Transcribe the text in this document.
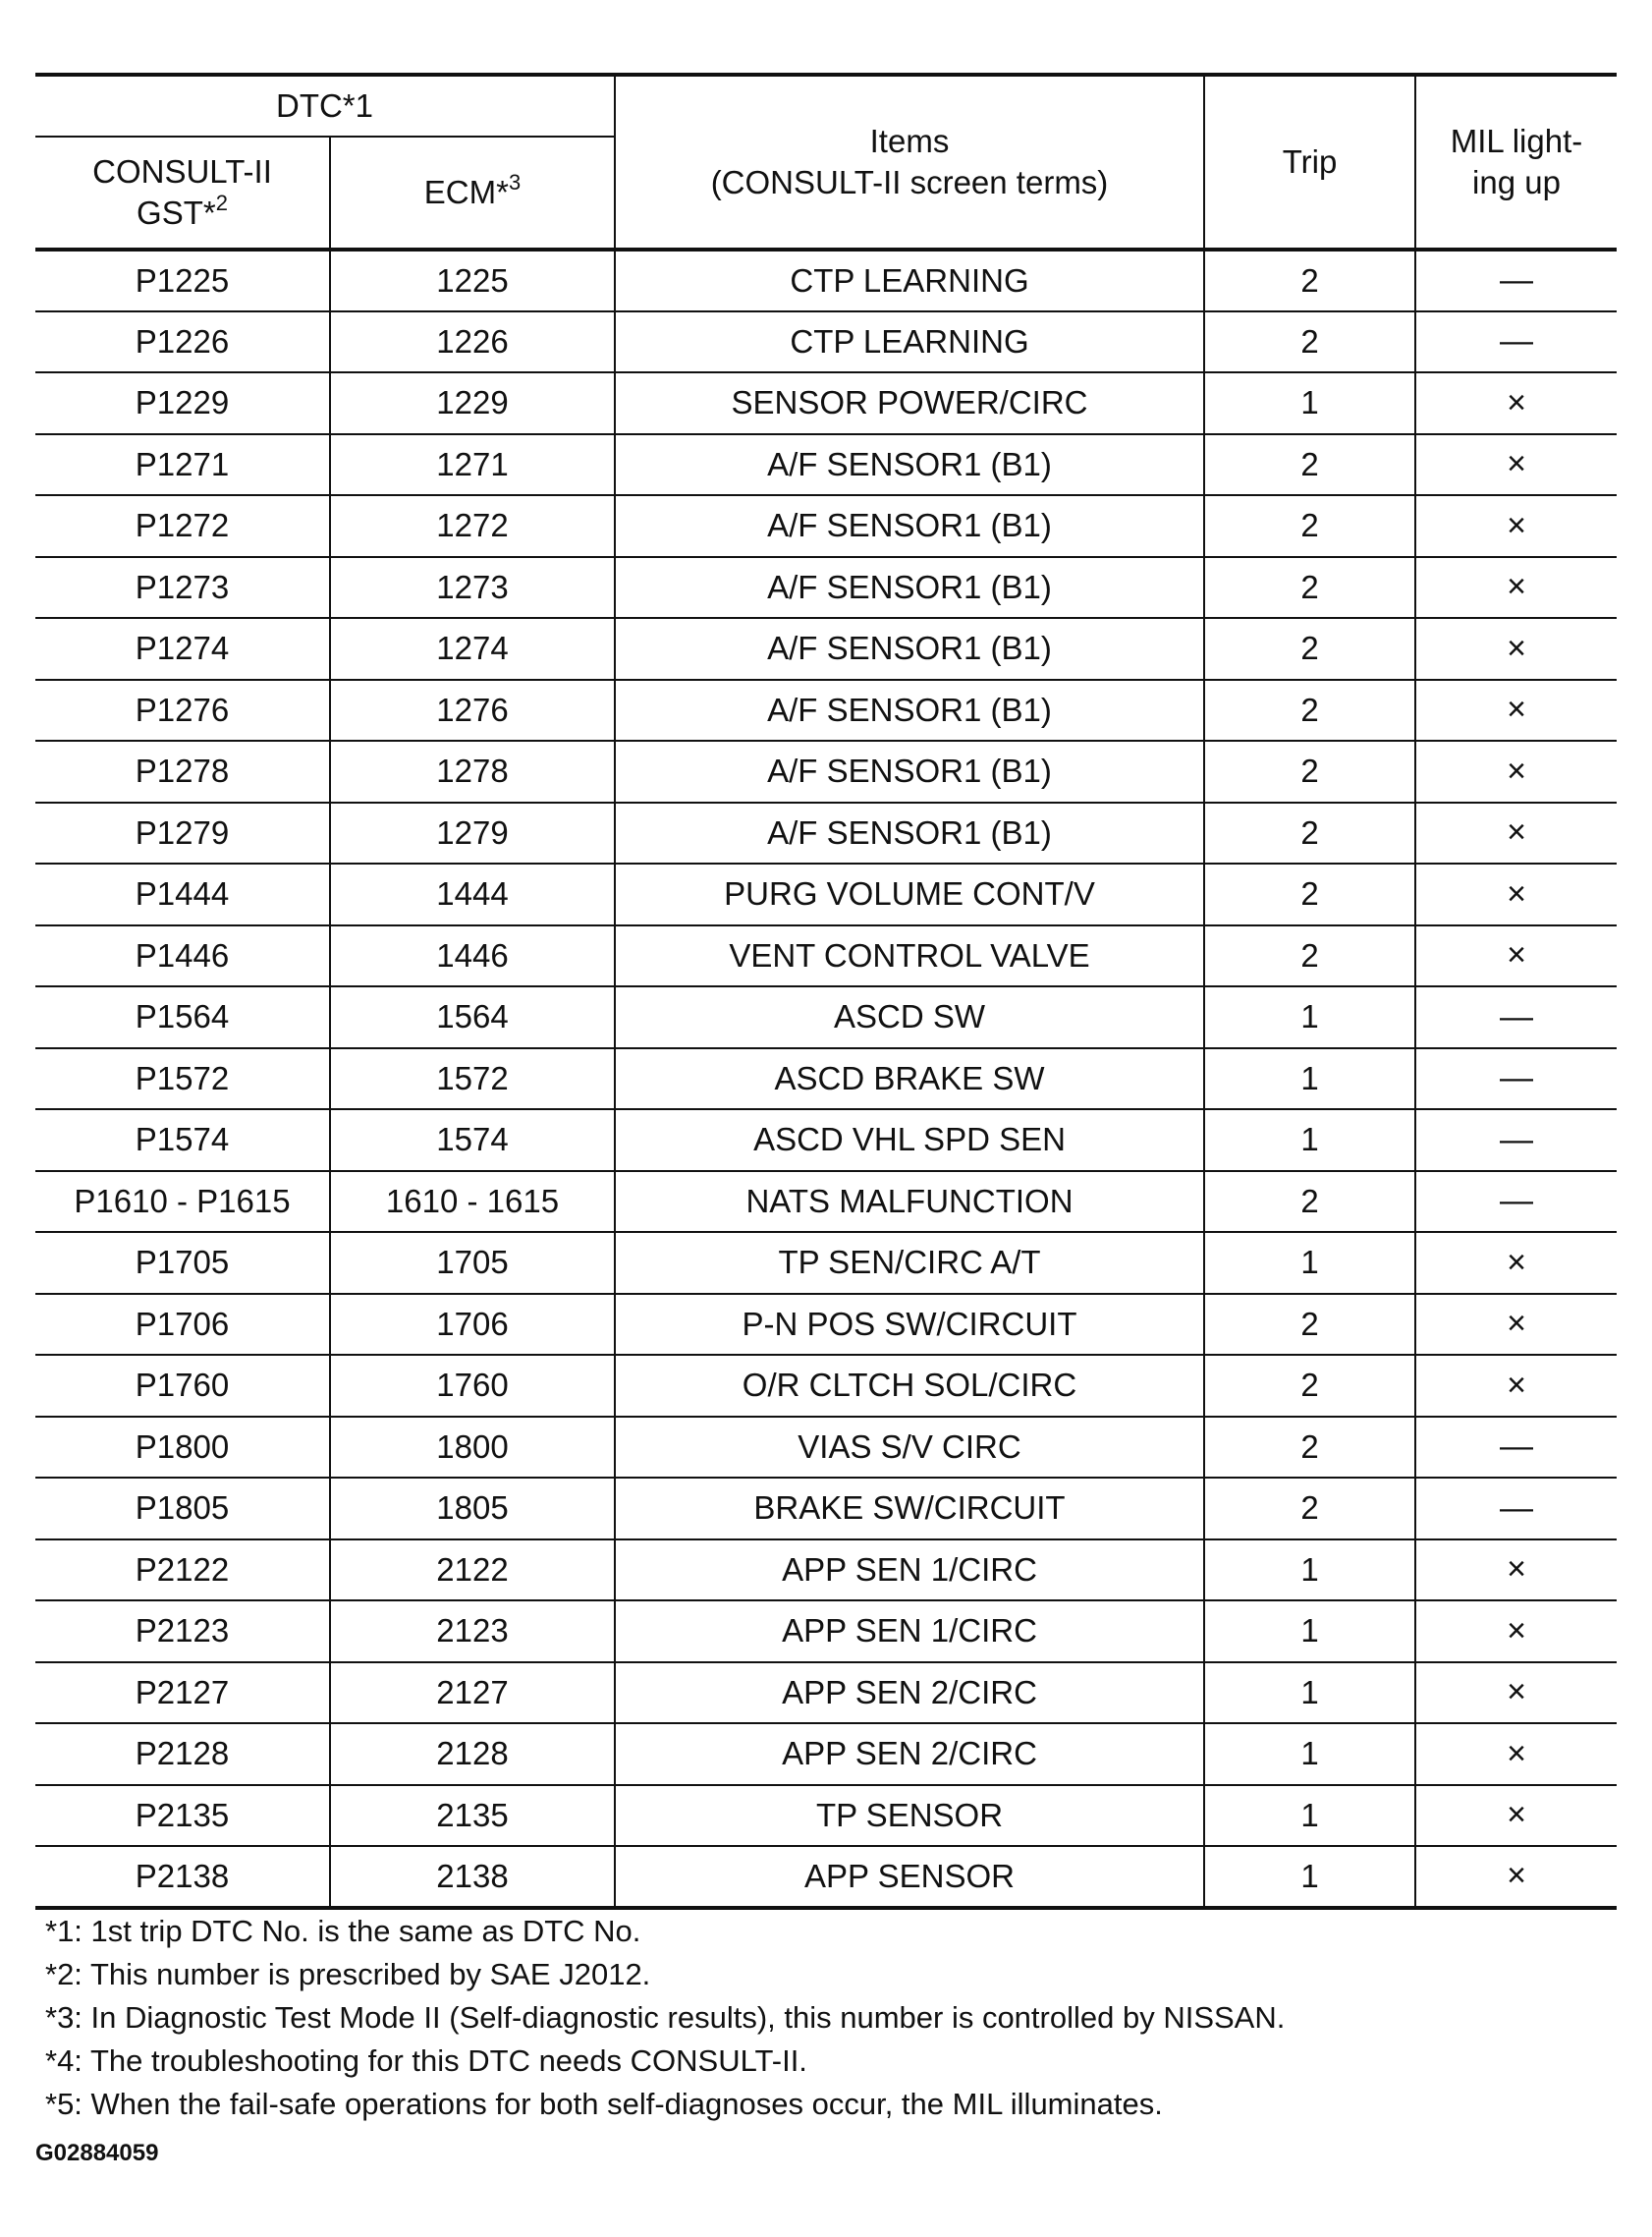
DTC*1		Items
(CONSULT-II screen terms)	Trip	MIL light-
ing up
CONSULT-II
GST*$^2$	ECM*$^3$
P1225	1225	CTP LEARNING	2	—
P1226	1226	CTP LEARNING	2	—
P1229	1229	SENSOR POWER/CIRC	1	×
P1271	1271	A/F SENSOR1 (B1)	2	×
P1272	1272	A/F SENSOR1 (B1)	2	×
P1273	1273	A/F SENSOR1 (B1)	2	×
P1274	1274	A/F SENSOR1 (B1)	2	×
P1276	1276	A/F SENSOR1 (B1)	2	×
P1278	1278	A/F SENSOR1 (B1)	2	×
P1279	1279	A/F SENSOR1 (B1)	2	×
P1444	1444	PURG VOLUME CONT/V	2	×
P1446	1446	VENT CONTROL VALVE	2	×
P1564	1564	ASCD SW	1	—
P1572	1572	ASCD BRAKE SW	1	—
P1574	1574	ASCD VHL SPD SEN	1	—
P1610 - P1615	1610 - 1615	NATS MALFUNCTION	2	—
P1705	1705	TP SEN/CIRC A/T	1	×
P1706	1706	P-N POS SW/CIRCUIT	2	×
P1760	1760	O/R CLTCH SOL/CIRC	2	×
P1800	1800	VIAS S/V CIRC	2	—
P1805	1805	BRAKE SW/CIRCUIT	2	—
P2122	2122	APP SEN 1/CIRC	1	×
P2123	2123	APP SEN 1/CIRC	1	×
P2127	2127	APP SEN 2/CIRC	1	×
P2128	2128	APP SEN 2/CIRC	1	×
P2135	2135	TP SENSOR	1	×
P2138	2138	APP SENSOR	1	×
*1: 1st trip DTC No. is the same as DTC No.
*2: This number is prescribed by SAE J2012.
*3: In Diagnostic Test Mode II (Self-diagnostic results), this number is controlled by NISSAN.
*4: The troubleshooting for this DTC needs CONSULT-II.
*5: When the fail-safe operations for both self-diagnoses occur, the MIL illuminates.
G02884059
